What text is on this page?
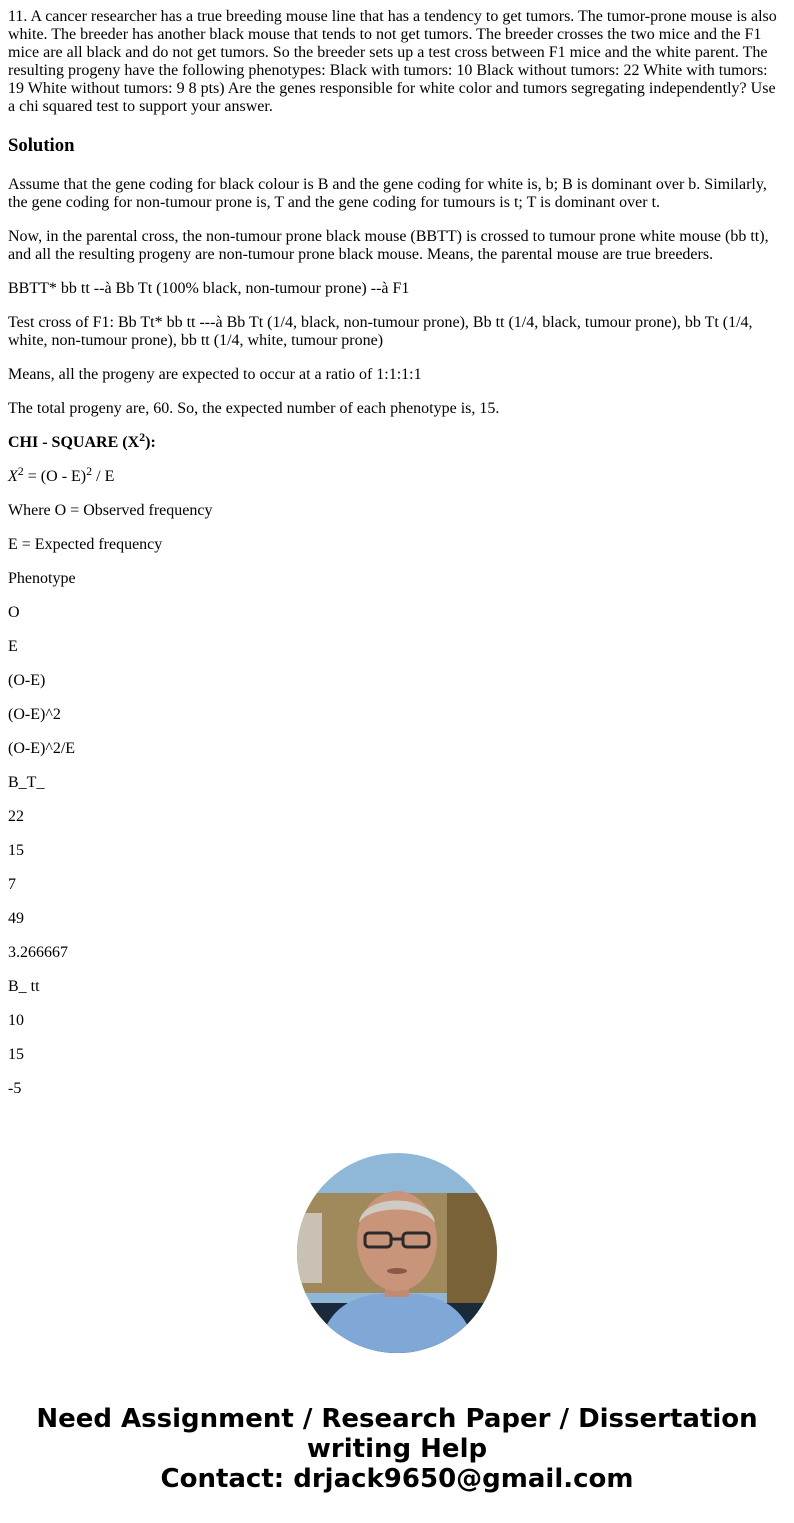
11. A cancer researcher has a true breeding mouse line that has a tendency to get tumors. The tumor-prone mouse is also white. The breeder has another black mouse that tends to not get tumors. The breeder crosses the two mice and the F1 mice are all black and do not get tumors. So the breeder sets up a test cross between F1 mice and the white parent. The resulting progeny have the following phenotypes: Black with tumors: 10 Black without tumors: 22 White with tumors: 19 White without tumors: 9 8 pts) Are the genes responsible for white color and tumors segregating independently? Use a chi squared test to support your answer.

Solution

Assume that the gene coding for black colour is B and the gene coding for white is, b; B is dominant over b. Similarly, the gene coding for non-tumour prone is, T and the gene coding for tumours is t; T is dominant over t.

Now, in the parental cross, the non-tumour prone black mouse (BBTT) is crossed to tumour prone white mouse (bb tt), and all the resulting progeny are non-tumour prone black mouse. Means, the parental mouse are true breeders.

BBTT* bb tt --à Bb Tt (100% black, non-tumour prone) --à F1

Test cross of F1: Bb Tt* bb tt ---à Bb Tt (1/4, black, non-tumour prone), Bb tt (1/4, black, tumour prone), bb Tt (1/4, white, non-tumour prone), bb tt (1/4, white, tumour prone)

Means, all the progeny are expected to occur at a ratio of 1:1:1:1

The total progeny are, 60. So, the expected number of each phenotype is, 15.

CHI - SQUARE $(X^2)$:

$X^2 = (O - E)^2 / E$

Where O = Observed frequency

E = Expected frequency

Phenotype

O

E

(O-E)

(O-E)^2

(O-E)^2/E

B_T_

22

15

7

49

3.266667

B_ tt

10

15

-5

Need Assignment / Research Paper / Dissertation
writing Help
Contact: drjack9650@gmail.com
